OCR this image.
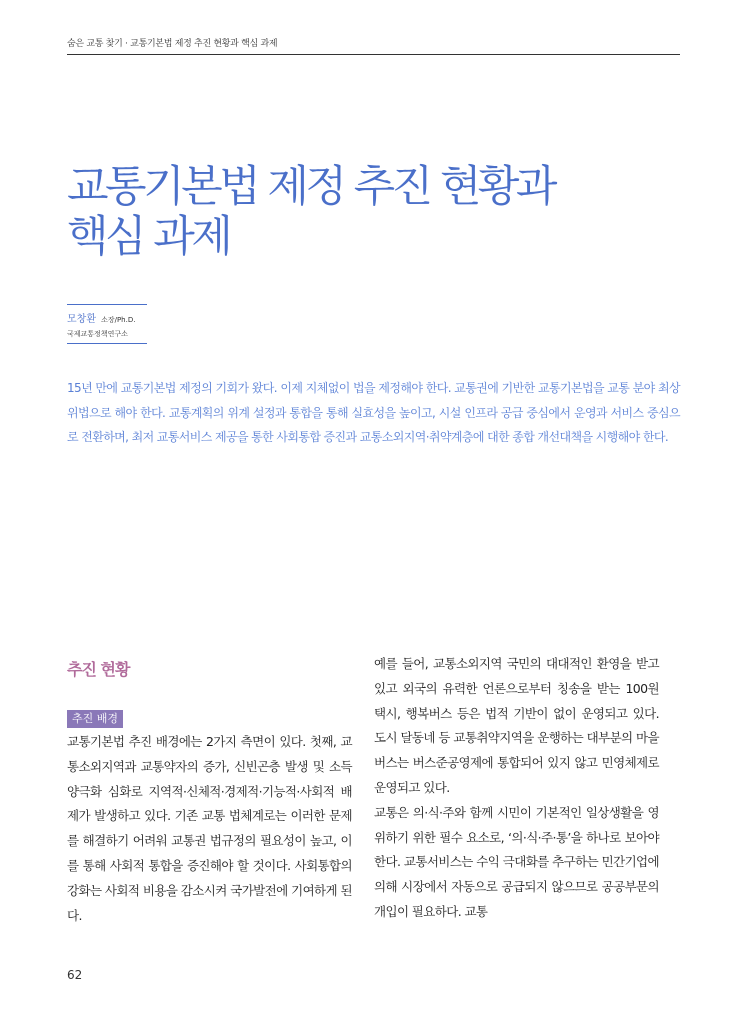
숨은 교통 찾기 · 교통기본법 제정 추진 현황과 핵심 과제
교통기본법 제정 추진 현황과
핵심 과제
모창환 소장/Ph.D.
국제교통정책연구소

15년 만에 교통기본법 제정의 기회가 왔다. 이제 지체없이 법을 제정해야 한다. 교통권에 기반한 교통기본법을 교통 분야 최상위법으로 해야 한다. 교통계획의 위계 설정과 통합을 통해 실효성을 높이고, 시설 인프라 공급 중심에서 운영과 서비스 중심으로 전환하며, 최저 교통서비스 제공을 통한 사회통합 증진과 교통소외지역·취약계층에 대한 종합 개선대책을 시행해야 한다.

추진 현황
추진 배경

교통기본법 추진 배경에는 2가지 측면이 있다. 첫째, 교통소외지역과 교통약자의 증가, 신빈곤층 발생 및 소득양극화 심화로 지역적·신체적·경제적·기능적·사회적 배제가 발생하고 있다. 기존 교통 법체계로는 이러한 문제를 해결하기 어려워 교통권 법규정의 필요성이 높고, 이를 통해 사회적 통합을 증진해야 할 것이다. 사회통합의 강화는 사회적 비용을 감소시켜 국가발전에 기여하게 된다.

예를 들어, 교통소외지역 국민의 대대적인 환영을 받고 있고 외국의 유력한 언론으로부터 칭송을 받는 100원 택시, 행복버스 등은 법적 기반이 없이 운영되고 있다. 도시 달동네 등 교통취약지역을 운행하는 대부분의 마을버스는 버스준공영제에 통합되어 있지 않고 민영체제로 운영되고 있다.

교통은 의·식·주와 함께 시민이 기본적인 일상생활을 영위하기 위한 필수 요소로, ‘의·식·주·통’을 하나로 보아야 한다. 교통서비스는 수익 극대화를 추구하는 민간기업에 의해 시장에서 자동으로 공급되지 않으므로 공공부문의 개입이 필요하다. 교통

62
